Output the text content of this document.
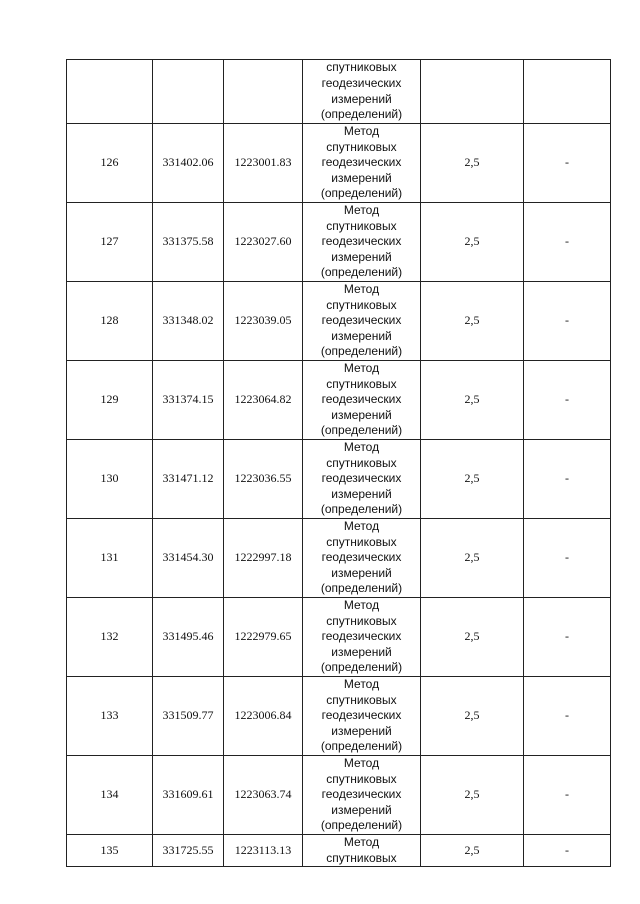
			спутниковых
геодезических
измерений
(определений)		

126	331402.06	1223001.83	Метод
спутниковых
геодезических
измерений
(определений)	2,5	-
127	331375.58	1223027.60	Метод
спутниковых
геодезических
измерений
(определений)	2,5	-
128	331348.02	1223039.05	Метод
спутниковых
геодезических
измерений
(определений)	2,5	-
129	331374.15	1223064.82	Метод
спутниковых
геодезических
измерений
(определений)	2,5	-
130	331471.12	1223036.55	Метод
спутниковых
геодезических
измерений
(определений)	2,5	-
131	331454.30	1222997.18	Метод
спутниковых
геодезических
измерений
(определений)	2,5	-
132	331495.46	1222979.65	Метод
спутниковых
геодезических
измерений
(определений)	2,5	-
133	331509.77	1223006.84	Метод
спутниковых
геодезических
измерений
(определений)	2,5	-
134	331609.61	1223063.74	Метод
спутниковых
геодезических
измерений
(определений)	2,5	-
135	331725.55	1223113.13	Метод
спутниковых	2,5	-
